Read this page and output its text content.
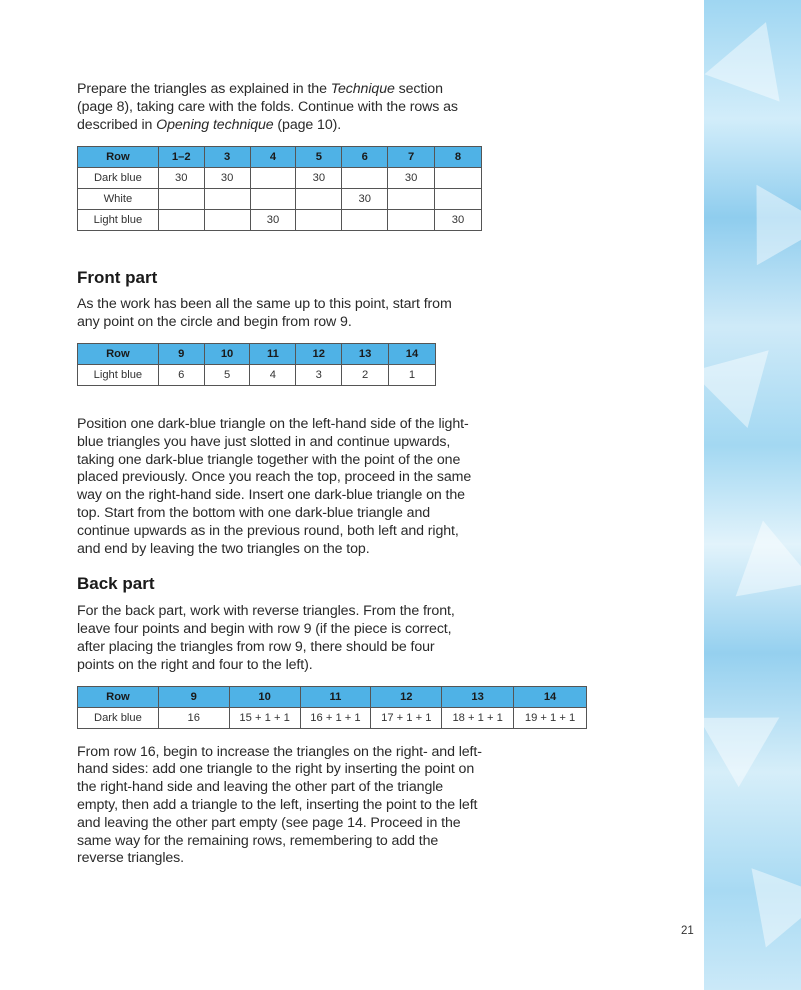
Prepare the triangles as explained in the Technique section (page 8), taking care with the folds. Continue with the rows as described in Opening technique (page 10).

Row	1–2	3	4	5	6	7	8
Dark blue	30	30		30		30	
White					30		
Light blue			30				30
Front part

As the work has been all the same up to this point, start from any point on the circle and begin from row 9.

Row	9	10	11	12	13	14
Light blue	6	5	4	3	2	1

Position one dark-blue triangle on the left-hand side of the light-blue triangles you have just slotted in and continue upwards, taking one dark-blue triangle together with the point of the one placed previously. Once you reach the top, proceed in the same way on the right-hand side. Insert one dark-blue triangle on the top. Start from the bottom with one dark-blue triangle and continue upwards as in the previous round, both left and right, and end by leaving the two triangles on the top.

Back part

For the back part, work with reverse triangles. From the front, leave four points and begin with row 9 (if the piece is correct, after placing the triangles from row 9, there should be four points on the right and four to the left).

Row	9	10	11	12	13	14
Dark blue	16	15 + 1 + 1	16 + 1 + 1	17 + 1 + 1	18 + 1 + 1	19 + 1 + 1

From row 16, begin to increase the triangles on the right- and left-hand sides: add one triangle to the right by inserting the point on the right-hand side and leaving the other part of the triangle empty, then add a triangle to the left, inserting the point to the left and leaving the other part empty (see page 14. Proceed in the same way for the remaining rows, remembering to add the reverse triangles.

21
